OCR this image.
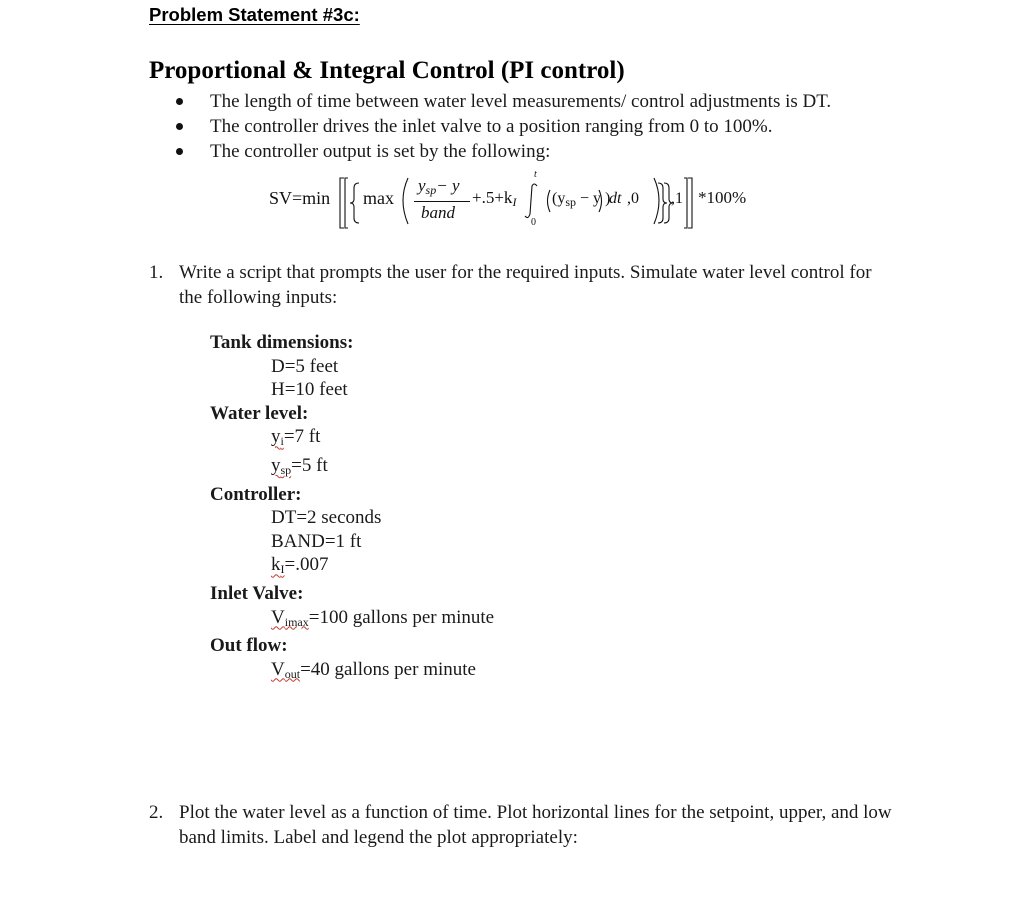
Problem Statement #3c:
Proportional & Integral Control (PI control)
The length of time between water level measurements/ control adjustments is DT.
The controller drives the inlet valve to a position ranging from 0 to 100%.
The controller output is set by the following:
SV=min max
$y_{sp}- y$
band
$+.5+k_I$
t
0
($y_{sp} - y$ )
dt ,0 ,1 *100%
1. Write a script that prompts the user for the required inputs. Simulate water level control for the following inputs:
Tank dimensions:
D=5 feet
H=10 feet
Water level:
$y_i=7$ ft
$y_{sp}=5$ ft
Controller:
DT=2 seconds
BAND=1 ft
$k_I=.007$
Inlet Valve:
$V_{imax}=100$ gallons per minute
Out flow:
$V_{out}=40$ gallons per minute
2. Plot the water level as a function of time. Plot horizontal lines for the setpoint, upper, and low band limits. Label and legend the plot appropriately:
